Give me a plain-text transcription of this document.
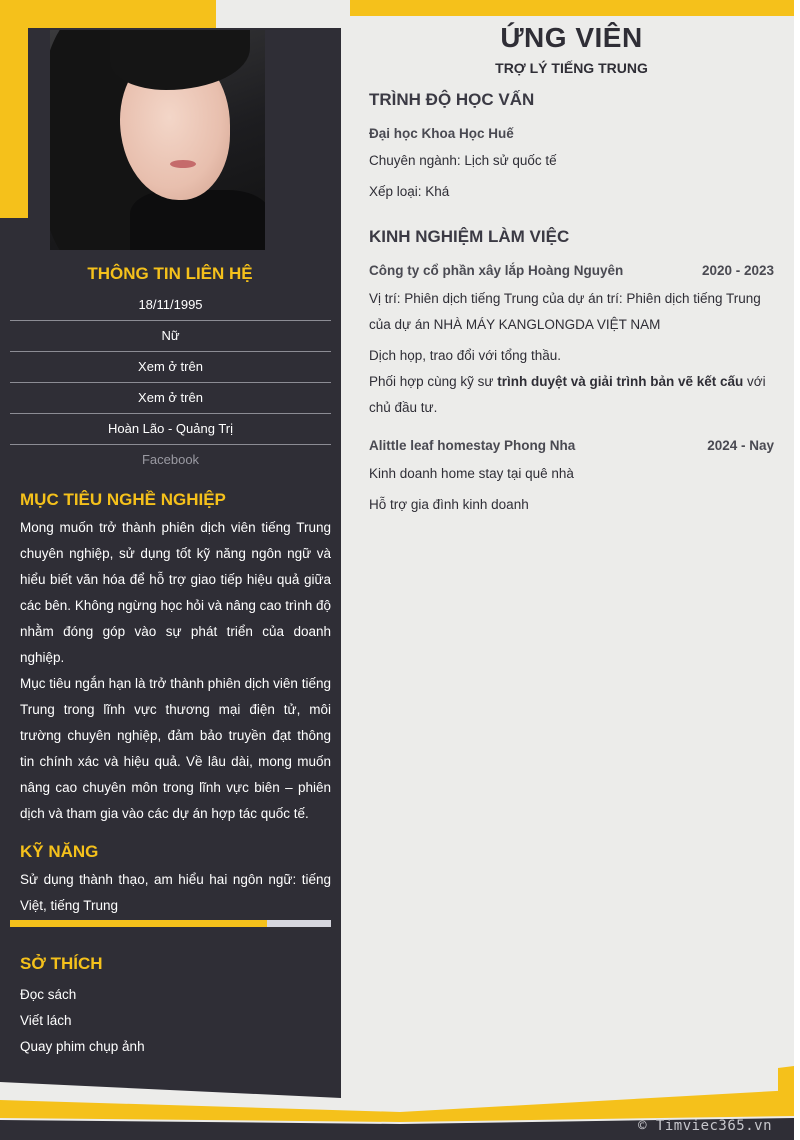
THÔNG TIN LIÊN HỆ
18/11/1995
Nữ
Xem ở trên
Xem ở trên
Hoàn Lão - Quảng Trị
Facebook
MỤC TIÊU NGHỀ NGHIỆP

Mong muốn trở thành phiên dịch viên tiếng Trung chuyên nghiệp, sử dụng tốt kỹ năng ngôn ngữ và hiểu biết văn hóa để hỗ trợ giao tiếp hiệu quả giữa các bên. Không ngừng học hỏi và nâng cao trình độ nhằm đóng góp vào sự phát triển của doanh nghiệp.

Mục tiêu ngắn hạn là trở thành phiên dịch viên tiếng Trung trong lĩnh vực thương mại điện tử, môi trường chuyên nghiệp, đảm bảo truyền đạt thông tin chính xác và hiệu quả. Về lâu dài, mong muốn nâng cao chuyên môn trong lĩnh vực biên – phiên dịch và tham gia vào các dự án hợp tác quốc tế.

KỸ NĂNG
Sử dụng thành thạo, am hiểu hai ngôn ngữ: tiếng Việt, tiếng Trung
SỞ THÍCH
Đọc sách
Viết lách
Quay phim chụp ảnh
© Timviec365.vn
ỨNG VIÊN
TRỢ LÝ TIẾNG TRUNG
TRÌNH ĐỘ HỌC VẤN
Đại học Khoa Học Huế

Chuyên ngành: Lịch sử quốc tế

Xếp loại: Khá

KINH NGHIỆM LÀM VIỆC
Công ty cổ phần xây lắp Hoàng Nguyên	2020 - 2023

Vị trí: Phiên dịch tiếng Trung của dự án trí: Phiên dịch tiếng Trung của dự án NHÀ MÁY KANGLONGDA VIỆT NAM

Dịch họp, trao đổi với tổng thầu.

Phối hợp cùng kỹ sư trình duyệt và giải trình bản vẽ kết cấu với chủ đầu tư.

Alittle leaf homestay Phong Nha	2024 - Nay

Kinh doanh home stay tại quê nhà

Hỗ trợ gia đình kinh doanh
